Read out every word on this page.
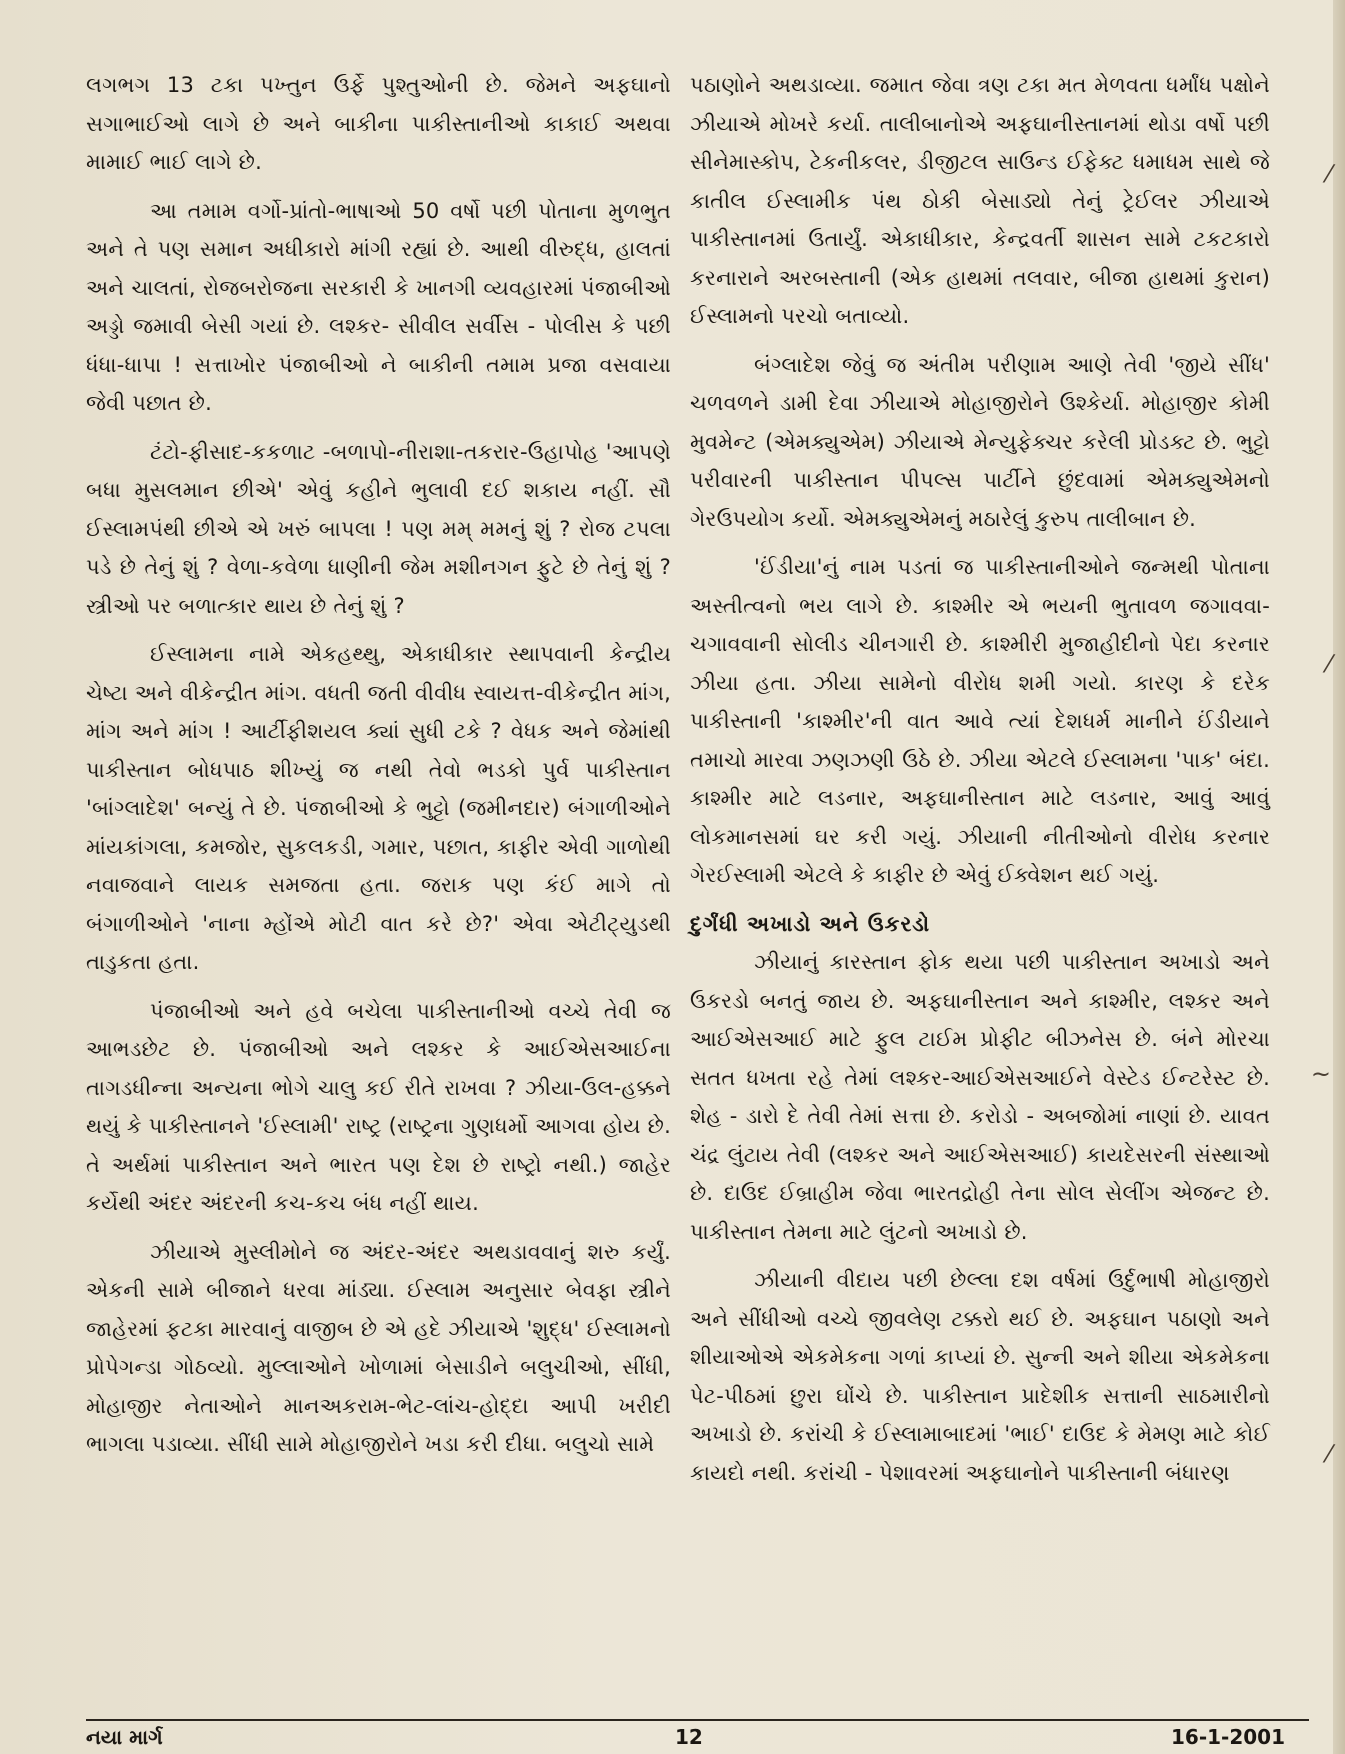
લગભગ 13 ટકા પખ્તુન ઉર્ફે પુશ્તુઓની છે. જેમને અફઘાનો સગાભાઈઓ લાગે છે અને બાકીના પાકીસ્તાનીઓ કાકાઈ અથવા મામાઈ ભાઈ લાગે છે.

આ તમામ વર્ગો-પ્રાંતો-ભાષાઓ 50 વર્ષો પછી પોતાના મુળભુત અને તે પણ સમાન અધીકારો માંગી રહ્યાં છે. આથી વીરુદ્ધ, હાલતાં અને ચાલતાં, રોજબરોજના સરકારી કે ખાનગી વ્યવહારમાં પંજાબીઓ અડ્ડો જમાવી બેસી ગયાં છે. લશ્કર- સીવીલ સર્વીસ - પોલીસ કે પછી ધંધા-ધાપા ! સત્તાખોર પંજાબીઓ ને બાકીની તમામ પ્રજા વસવાયા જેવી પછાત છે.

ટંટો-ફીસાદ-કકળાટ -બળાપો-નીરાશા-તકરાર-ઉહાપોહ 'આપણે બધા મુસલમાન છીએ' એવું કહીને ભુલાવી દઈ શકાય નહીં. સૌ ઈસ્લામપંથી છીએ એ ખરું બાપલા ! પણ મમ્ મમનું શું ? રોજ ટપલા પડે છે તેનું શું ? વેળા-કવેળા ધાણીની જેમ મશીનગન ફુટે છે તેનું શું ? સ્ત્રીઓ પર બળાત્કાર થાય છે તેનું શું ?

ઈસ્લામના નામે એકહથ્થુ, એકાધીકાર સ્થાપવાની કેન્દ્રીય ચેષ્ટા અને વીકેન્દ્રીત માંગ. વધતી જતી વીવીધ સ્વાયત્ત-વીકેન્દ્રીત માંગ, માંગ અને માંગ ! આર્ટીફીશયલ ક્યાં સુધી ટકે ? વેધક અને જેમાંથી પાકીસ્તાન બોધપાઠ શીખ્યું જ નથી તેવો ભડકો પુર્વ પાકીસ્તાન 'બાંગ્લાદેશ' બન્યું તે છે. પંજાબીઓ કે ભુટ્ટો (જમીનદાર) બંગાળીઓને માંયકાંગલા, કમજોર, સુકલકડી, ગમાર, પછાત, કાફીર એવી ગાળોથી નવાજવાને લાયક સમજતા હતા. જરાક પણ કંઈ માગે તો બંગાળીઓને 'નાના મ્હોંએ મોટી વાત કરે છે?' એવા એટીટ્યુડથી તાડુકતા હતા.

પંજાબીઓ અને હવે બચેલા પાકીસ્તાનીઓ વચ્ચે તેવી જ આભડછેટ છે. પંજાબીઓ અને લશ્કર કે આઈએસઆઈના તાગડધીન્ના અન્યના ભોગે ચાલુ કઈ રીતે રાખવા ? ઝીયા-ઉલ-હક્કને થયું કે પાકીસ્તાનને 'ઈસ્લામી' રાષ્ટ્ર (રાષ્ટ્રના ગુણધર્મો આગવા હોય છે. તે અર્થમાં પાકીસ્તાન અને ભારત પણ દેશ છે રાષ્ટ્રો નથી.) જાહેર કર્યેથી અંદર અંદરની કચ-કચ બંધ નહીં થાય.

ઝીયાએ મુસ્લીમોને જ અંદર-અંદર અથડાવવાનું શરુ કર્યું. એકની સામે બીજાને ધરવા માંડ્યા. ઈસ્લામ અનુસાર બેવફા સ્ત્રીને જાહેરમાં ફટકા મારવાનું વાજીબ છે એ હદે ઝીયાએ 'શુદ્ધ' ઈસ્લામનો પ્રોપેગન્ડા ગોઠવ્યો. મુલ્લાઓને ખોળામાં બેસાડીને બલુચીઓ, સીંધી, મોહાજીર નેતાઓને માનઅકરામ-ભેટ-લાંચ-હોદ્દા આપી ખરીદી ભાગલા પડાવ્યા. સીંધી સામે મોહાજીરોને ખડા કરી દીધા. બલુચો સામે

પઠાણોને અથડાવ્યા. જમાત જેવા ત્રણ ટકા મત મેળવતા ધર્માંધ પક્ષોને ઝીયાએ મોખરે કર્યા. તાલીબાનોએ અફઘાનીસ્તાનમાં થોડા વર્ષો પછી સીનેમાસ્કોપ, ટેકનીકલર, ડીજીટલ સાઉન્ડ ઈફેક્ટ ધમાધમ સાથે જે કાતીલ ઈસ્લામીક પંથ ઠોકી બેસાડ્યો તેનું ટ્રેઈલર ઝીયાએ પાકીસ્તાનમાં ઉતાર્યું. એકાધીકાર, કેન્દ્રવર્તી શાસન સામે ટકટકારો કરનારાને અરબસ્તાની (એક હાથમાં તલવાર, બીજા હાથમાં કુરાન) ઈસ્લામનો પરચો બતાવ્યો.

બંગ્લાદેશ જેવું જ અંતીમ પરીણામ આણે તેવી 'જીયે સીંધ' ચળવળને ડામી દેવા ઝીયાએ મોહાજીરોને ઉશ્કેર્યા. મોહાજીર કોમી મુવમેન્ટ (એમક્યુએમ) ઝીયાએ મેન્યુફેક્ચર કરેલી પ્રોડક્ટ છે. ભુટ્ટો પરીવારની પાકીસ્તાન પીપલ્સ પાર્ટીને છુંદવામાં એમક્યુએમનો ગેરઉપયોગ કર્યો. એમક્યુએમનું મઠારેલું કુરુપ તાલીબાન છે.

'ઈંડીયા'નું નામ પડતાં જ પાકીસ્તાનીઓને જન્મથી પોતાના અસ્તીત્વનો ભય લાગે છે. કાશ્મીર એ ભયની ભુતાવળ જગાવવા-ચગાવવાની સોલીડ ચીનગારી છે. કાશ્મીરી મુજાહીદીનો પેદા કરનાર ઝીયા હતા. ઝીયા સામેનો વીરોધ શમી ગયો. કારણ કે દરેક પાકીસ્તાની 'કાશ્મીર'ની વાત આવે ત્યાં દેશધર્મ માનીને ઈંડીયાને તમાચો મારવા ઝણઝણી ઉઠે છે. ઝીયા એટલે ઈસ્લામના 'પાક' બંદા. કાશ્મીર માટે લડનાર, અફઘાનીસ્તાન માટે લડનાર, આવું આવું લોકમાનસમાં ઘર કરી ગયું. ઝીયાની નીતીઓનો વીરોધ કરનાર ગેરઈસ્લામી એટલે કે કાફીર છે એવું ઈક્વેશન થઈ ગયું.

દુર્ગંધી અખાડો અને ઉકરડો

ઝીયાનું કારસ્તાન ફોક થયા પછી પાકીસ્તાન અખાડો અને ઉકરડો બનતું જાય છે. અફઘાનીસ્તાન અને કાશ્મીર, લશ્કર અને આઈએસઆઈ માટે ફુલ ટાઈમ પ્રોફીટ બીઝનેસ છે. બંને મોરચા સતત ધખતા રહે તેમાં લશ્કર-આઈએસઆઈને વેસ્ટેડ ઈન્ટરેસ્ટ છે. શેહ - ડારો દે તેવી તેમાં સત્તા છે. કરોડો - અબજોમાં નાણાં છે. યાવત ચંદ્ર લુંટાય તેવી (લશ્કર અને આઈએસઆઈ) કાયદેસરની સંસ્થાઓ છે. દાઉદ ઈબ્રાહીમ જેવા ભારતદ્રોહી તેના સોલ સેલીંગ એજન્ટ છે. પાકીસ્તાન તેમના માટે લુંટનો અખાડો છે.

ઝીયાની વીદાય પછી છેલ્લા દશ વર્ષમાં ઉર્દુભાષી મોહાજીરો અને સીંધીઓ વચ્ચે જીવલેણ ટક્કરો થઈ છે. અફઘાન પઠાણો અને શીયાઓએ એકમેકના ગળાં કાપ્યાં છે. સુન્ની અને શીયા એકમેકના પેટ-પીઠમાં છુરા ઘોંચે છે. પાકીસ્તાન પ્રાદેશીક સત્તાની સાઠમારીનો અખાડો છે. કરાંચી કે ઈસ્લામાબાદમાં 'ભાઈ' દાઉદ કે મેમણ માટે કોઈ કાયદો નથી. કરાંચી - પેશાવરમાં અફઘાનોને પાકીસ્તાની બંધારણ

⁄
⁄
~
⁄
નયા માર્ગ	12	16-1-2001
